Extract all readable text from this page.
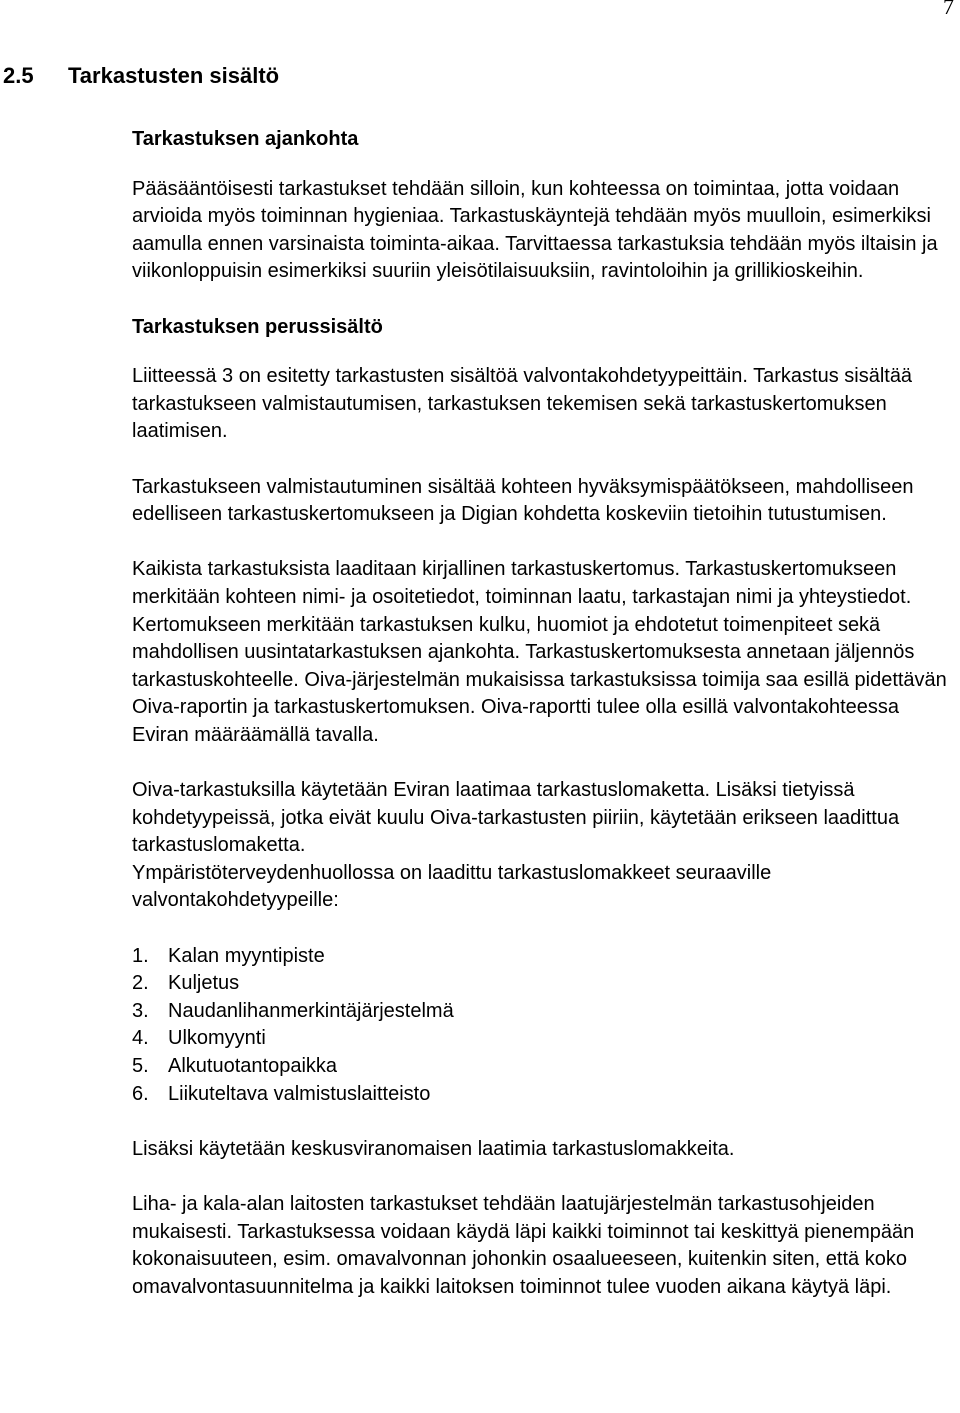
7
2.5 Tarkastusten sisältö
Tarkastuksen ajankohta

Pääsääntöisesti tarkastukset tehdään silloin, kun kohteessa on toimintaa, jotta voidaan arvioida myös toiminnan hygieniaa. Tarkastuskäyntejä tehdään myös muulloin, esimerkiksi aamulla ennen varsinaista toiminta-aikaa. Tarvittaessa tarkastuksia tehdään myös iltaisin ja viikonloppuisin esimerkiksi suuriin yleisötilaisuuksiin, ravintoloihin ja grillikioskeihin.

Tarkastuksen perussisältö

Liitteessä 3 on esitetty tarkastusten sisältöä valvontakohdetyypeittäin. Tarkastus sisältää tarkastukseen valmistautumisen, tarkastuksen tekemisen sekä tarkastuskertomuksen laatimisen.

Tarkastukseen valmistautuminen sisältää kohteen hyväksymispäätökseen, mahdolliseen edelliseen tarkastuskertomukseen ja Digian kohdetta koskeviin tietoihin tutustumisen.

Kaikista tarkastuksista laaditaan kirjallinen tarkastuskertomus. Tarkastuskertomukseen merkitään kohteen nimi- ja osoitetiedot, toiminnan laatu, tarkastajan nimi ja yhteystiedot. Kertomukseen merkitään tarkastuksen kulku, huomiot ja ehdotetut toimenpiteet sekä mahdollisen uusintatarkastuksen ajankohta. Tarkastuskertomuksesta annetaan jäljennös tarkastuskohteelle. Oiva-järjestelmän mukaisissa tarkastuksissa toimija saa esillä pidettävän Oiva-raportin ja tarkastuskertomuksen. Oiva-raportti tulee olla esillä valvontakohteessa Eviran määräämällä tavalla.

Oiva-tarkastuksilla käytetään Eviran laatimaa tarkastuslomaketta. Lisäksi tietyissä kohdetyypeissä, jotka eivät kuulu Oiva-tarkastusten piiriin, käytetään erikseen laadittua tarkastuslomaketta.

Ympäristöterveydenhuollossa on laadittu tarkastuslomakkeet seuraaville valvontakohdetyypeille:

1. Kalan myyntipiste
2. Kuljetus
3. Naudanlihanmerkintäjärjestelmä
4. Ulkomyynti
5. Alkutuotantopaikka
6. Liikuteltava valmistuslaitteisto

Lisäksi käytetään keskusviranomaisen laatimia tarkastuslomakkeita.

Liha- ja kala-alan laitosten tarkastukset tehdään laatujärjestelmän tarkastusohjeiden mukaisesti. Tarkastuksessa voidaan käydä läpi kaikki toiminnot tai keskittyä pienempään kokonaisuuteen, esim. omavalvonnan johonkin osaalueeseen, kuitenkin siten, että koko omavalvontasuunnitelma ja kaikki laitoksen toiminnot tulee vuoden aikana käytyä läpi.
